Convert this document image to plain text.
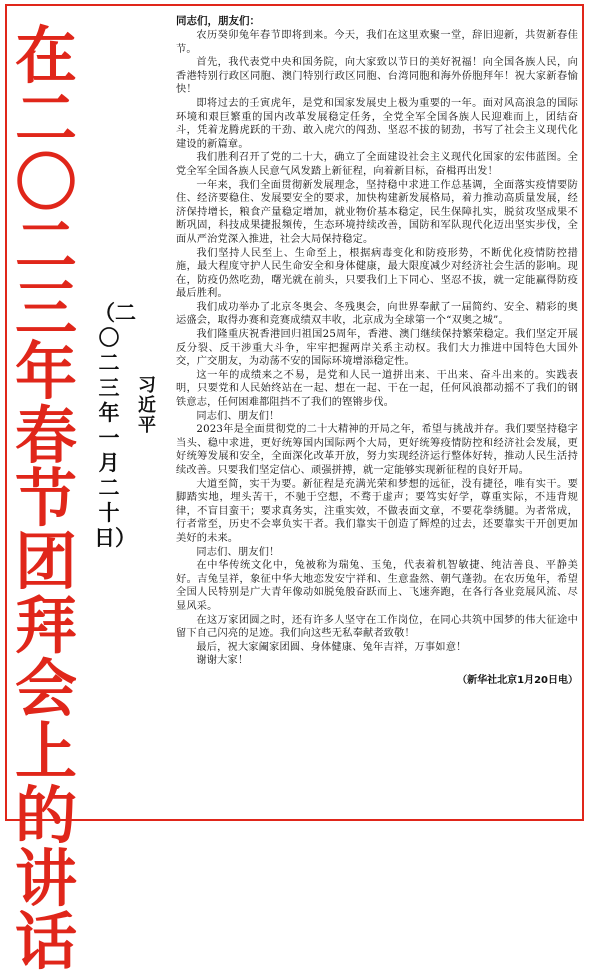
在二〇二三年春节团拜会上的讲话
（二〇二三年一月二十日）
习近平

同志们，朋友们：

农历癸卯兔年春节即将到来。今天，我们在这里欢聚一堂，辞旧迎新，共贺新春佳节。

首先，我代表党中央和国务院，向大家致以节日的美好祝福！向全国各族人民，向香港特别行政区同胞、澳门特别行政区同胞、台湾同胞和海外侨胞拜年！祝大家新春愉快！

即将过去的壬寅虎年，是党和国家发展史上极为重要的一年。面对风高浪急的国际环境和艰巨繁重的国内改革发展稳定任务，全党全军全国各族人民迎难而上，团结奋斗，凭着龙腾虎跃的干劲、敢入虎穴的闯劲、坚忍不拔的韧劲，书写了社会主义现代化建设的新篇章。

我们胜利召开了党的二十大，确立了全面建设社会主义现代化国家的宏伟蓝图。全党全军全国各族人民意气风发踏上新征程，向着新目标，奋楫再出发！

一年来，我们全面贯彻新发展理念，坚持稳中求进工作总基调，全面落实疫情要防住、经济要稳住、发展要安全的要求，加快构建新发展格局，着力推动高质量发展，经济保持增长，粮食产量稳定增加，就业物价基本稳定，民生保障扎实，脱贫攻坚成果不断巩固，科技成果捷报频传，生态环境持续改善，国防和军队现代化迈出坚实步伐，全面从严治党深入推进，社会大局保持稳定。

我们坚持人民至上、生命至上，根据病毒变化和防疫形势，不断优化疫情防控措施，最大程度守护人民生命安全和身体健康，最大限度减少对经济社会生活的影响。现在，防疫仍然吃劲，曙光就在前头，只要我们上下同心、坚忍不拔，就一定能赢得防疫最后胜利。

我们成功举办了北京冬奥会、冬残奥会，向世界奉献了一届简约、安全、精彩的奥运盛会，取得办赛和竞赛成绩双丰收，北京成为全球第一个“双奥之城”。

我们隆重庆祝香港回归祖国25周年，香港、澳门继续保持繁荣稳定。我们坚定开展反分裂、反干涉重大斗争，牢牢把握两岸关系主动权。我们大力推进中国特色大国外交，广交朋友，为动荡不安的国际环境增添稳定性。

这一年的成绩来之不易，是党和人民一道拼出来、干出来、奋斗出来的。实践表明，只要党和人民始终站在一起、想在一起、干在一起，任何风浪都动摇不了我们的钢铁意志，任何困难都阻挡不了我们的铿锵步伐。

同志们、朋友们！

2023年是全面贯彻党的二十大精神的开局之年，希望与挑战并存。我们要坚持稳字当头、稳中求进，更好统筹国内国际两个大局，更好统筹疫情防控和经济社会发展，更好统筹发展和安全，全面深化改革开放，努力实现经济运行整体好转，推动人民生活持续改善。只要我们坚定信心、顽强拼搏，就一定能够实现新征程的良好开局。

大道至简，实干为要。新征程是充满光荣和梦想的远征，没有捷径，唯有实干。要脚踏实地，埋头苦干，不驰于空想，不骛于虚声；要笃实好学，尊重实际，不违背规律，不盲目蛮干；要求真务实，注重实效，不做表面文章，不要花拳绣腿。为者常成，行者常至，历史不会辜负实干者。我们靠实干创造了辉煌的过去，还要靠实干开创更加美好的未来。

同志们、朋友们！

在中华传统文化中，兔被称为瑞兔、玉兔，代表着机智敏捷、纯洁善良、平静美好。吉兔呈祥，象征中华大地恋发安宁祥和、生意盎然、朝气蓬勃。在农历兔年，希望全国人民特别是广大青年像动如脱兔般奋跃而上、飞速奔跑，在各行各业竞展风流、尽显风采。

在这万家团圆之时，还有许多人坚守在工作岗位，在同心共筑中国梦的伟大征途中留下自己闪亮的足迹。我们向这些无私奉献者致敬！

最后，祝大家阖家团圆、身体健康、兔年吉祥，万事如意！

谢谢大家！

（新华社北京1月20日电）
